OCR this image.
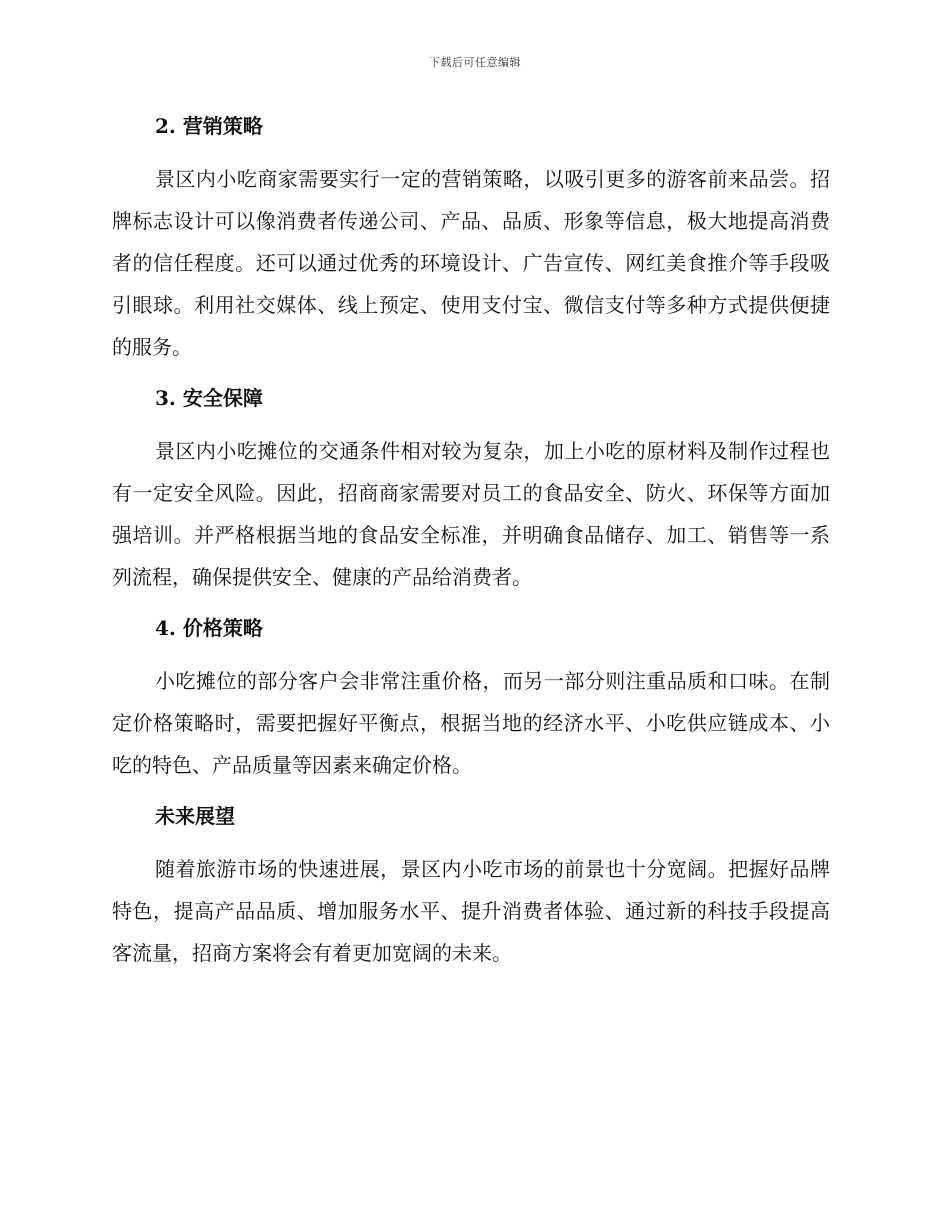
下载后可任意编辑
2. 营销策略

景区内小吃商家需要实行一定的营销策略，以吸引更多的游客前来品尝。招牌标志设计可以像消费者传递公司、产品、品质、形象等信息，极大地提高消费者的信任程度。还可以通过优秀的环境设计、广告宣传、网红美食推介等手段吸引眼球。利用社交媒体、线上预定、使用支付宝、微信支付等多种方式提供便捷的服务。

3. 安全保障

景区内小吃摊位的交通条件相对较为复杂，加上小吃的原材料及制作过程也有一定安全风险。因此，招商商家需要对员工的食品安全、防火、环保等方面加强培训。并严格根据当地的食品安全标准，并明确食品储存、加工、销售等一系列流程，确保提供安全、健康的产品给消费者。

4. 价格策略

小吃摊位的部分客户会非常注重价格，而另一部分则注重品质和口味。在制定价格策略时，需要把握好平衡点，根据当地的经济水平、小吃供应链成本、小吃的特色、产品质量等因素来确定价格。

未来展望

随着旅游市场的快速进展，景区内小吃市场的前景也十分宽阔。把握好品牌特色，提高产品品质、增加服务水平、提升消费者体验、通过新的科技手段提高客流量，招商方案将会有着更加宽阔的未来。
